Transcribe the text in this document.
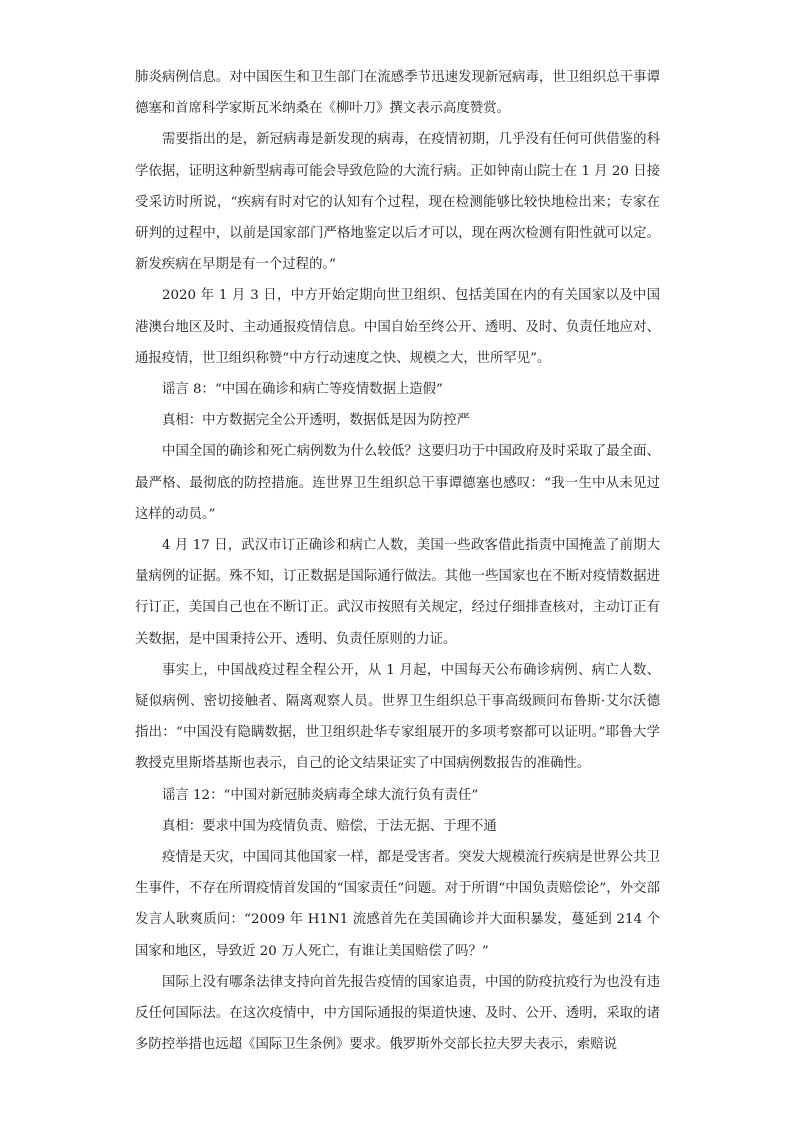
肺炎病例信息。对中国医生和卫生部门在流感季节迅速发现新冠病毒，世卫组织总干事谭德塞和首席科学家斯瓦米纳桑在《柳叶刀》撰文表示高度赞赏。

需要指出的是，新冠病毒是新发现的病毒，在疫情初期，几乎没有任何可供借鉴的科学依据，证明这种新型病毒可能会导致危险的大流行病。正如钟南山院士在 1 月 20 日接受采访时所说，“疾病有时对它的认知有个过程，现在检测能够比较快地检出来；专家在研判的过程中，以前是国家部门严格地鉴定以后才可以，现在两次检测有阳性就可以定。新发疾病在早期是有一个过程的。”

2020 年 1 月 3 日，中方开始定期向世卫组织、包括美国在内的有关国家以及中国港澳台地区及时、主动通报疫情信息。中国自始至终公开、透明、及时、负责任地应对、通报疫情，世卫组织称赞“中方行动速度之快、规模之大，世所罕见”。

谣言 8：“中国在确诊和病亡等疫情数据上造假”

真相：中方数据完全公开透明，数据低是因为防控严

中国全国的确诊和死亡病例数为什么较低？这要归功于中国政府及时采取了最全面、最严格、最彻底的防控措施。连世界卫生组织总干事谭德塞也感叹：“我一生中从未见过这样的动员。”

4 月 17 日，武汉市订正确诊和病亡人数，美国一些政客借此指责中国掩盖了前期大量病例的证据。殊不知，订正数据是国际通行做法。其他一些国家也在不断对疫情数据进行订正，美国自己也在不断订正。武汉市按照有关规定，经过仔细排查核对，主动订正有关数据，是中国秉持公开、透明、负责任原则的力证。

事实上，中国战疫过程全程公开，从 1 月起，中国每天公布确诊病例、病亡人数、疑似病例、密切接触者、隔离观察人员。世界卫生组织总干事高级顾问布鲁斯·艾尔沃德指出：“中国没有隐瞒数据，世卫组织赴华专家组展开的多项考察都可以证明。”耶鲁大学教授克里斯塔基斯也表示，自己的论文结果证实了中国病例数报告的准确性。

谣言 12：“中国对新冠肺炎病毒全球大流行负有责任”

真相：要求中国为疫情负责、赔偿，于法无据、于理不通

疫情是天灾，中国同其他国家一样，都是受害者。突发大规模流行疾病是世界公共卫生事件，不存在所谓疫情首发国的“国家责任”问题。对于所谓“中国负责赔偿论”，外交部发言人耿爽质问：“2009 年 H1N1 流感首先在美国确诊并大面积暴发，蔓延到 214 个国家和地区，导致近 20 万人死亡，有谁让美国赔偿了吗？”

国际上没有哪条法律支持向首先报告疫情的国家追责，中国的防疫抗疫行为也没有违反任何国际法。在这次疫情中，中方国际通报的渠道快速、及时、公开、透明，采取的诸多防控举措也远超《国际卫生条例》要求。俄罗斯外交部长拉夫罗夫表示，索赔说
